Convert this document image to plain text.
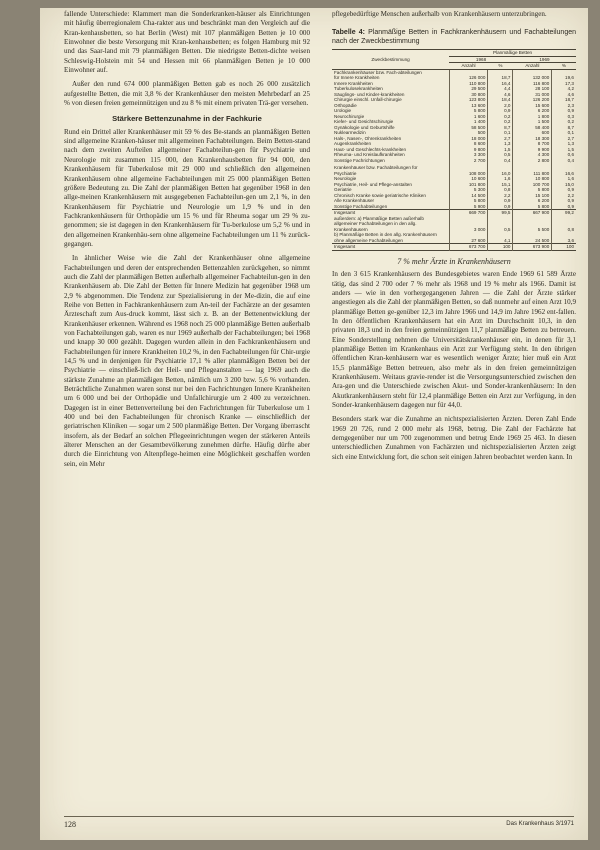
fallende Unterschiede: Klammert man die Sonderkranken-häuser als Einrichtungen mit häufig überregionalem Cha-rakter aus und beschränkt man den Vergleich auf die Kran-kenhausbetten, so hat Berlin (West) mit 107 planmäßigen Betten je 10 000 Einwohner die beste Versorgung mit Kran-kenhausbetten; es folgen Hamburg mit 92 und das Saar-land mit 79 planmäßigen Betten. Die niedrigste Betten-dichte weisen Schleswig-Holstein mit 54 und Hessen mit 66 planmäßigen Betten je 10 000 Einwohner auf.

Außer den rund 674 000 planmäßigen Betten gab es noch 26 000 zusätzlich aufgestellte Betten, die mit 3,8 % der Krankenhäuser den meisten Mehrbedarf an 25 % von diesen freien gemeinnützigen und zu 8 % mit einem privaten Trä-ger versehen.

Stärkere Bettenzunahme in der Fachkurie

Rund ein Drittel aller Krankenhäuser mit 59 % des Be-stands an planmäßigen Betten sind allgemeine Kranken-häuser mit allgemeinen Fachabteilungen. Beim Betten-stand nach dem zweiten Aufteilen allgemeiner Fachabteilun-gen für Psychiatrie und Neurologie mit zusammen 115 000, den Krankenhausbetten für 94 000, den Krankenhäusern für Tuberkulose mit 29 000 und schließlich den allgemeinen Krankenhäusern ohne allgemeine Fachabteilungen mit 25 000 planmäßigen Betten größere Bedeutung zu. Die Zahl der planmäßigen Betten hat gegenüber 1968 in den allge-meinen Krankenhäusern mit ausgegebenen Fachabteilun-gen um 2,1 %, in den Krankenhäusern für Psychiatrie und Neurologie um 1,9 % und in den Fachkrankenhäusern für Orthopädie um 15 % und für Rheuma sogar um 29 % zu-genommen; sie ist dagegen in den Krankenhäusern für Tu-berkulose um 5,2 % und in den allgemeinen Krankenhäu-sern ohne allgemeine Fachabteilungen um 11 % zurück-gegangen.

In ähnlicher Weise wie die Zahl der Krankenhäuser ohne allgemeine Fachabteilungen und deren der entsprechenden Bettenzahlen zurückgehen, so nimmt auch die Zahl der planmäßigen Betten außerhalb allgemeiner Fachabteilun-gen in den Krankenhäusern ab. Die Zahl der Betten für Innere Medizin hat gegenüber 1968 um 2,9 % abgenommen. Die Tendenz zur Spezialisierung in der Me-dizin, die auf eine Reihe von Betten in Fachkrankenhäusern zum An-teil der Fachärzte an der gesamten Ärzteschaft zum Aus-druck kommt, lässt sich z. B. an der Bettenentwicklung der Krankenhäuser erkennen. Während es 1968 noch 25 000 planmäßige Betten außerhalb von Fachabteilungen gab, waren es nur 1969 außerhalb der Fachabteilungen; bei 1968 und knapp 30 000 gezählt. Dagegen wurden allein in den Fachkrankenhäusern und Fachabteilungen für innere Krankheiten 10,2 %, in den Fachabteilungen für Chir-urgie 14,5 % und in denjenigen für Psychiatrie 17,1 % aller planmäßigen Betten bei der Psychiatrie — einschließ-lich der Heil- und Pflegeanstalten — lag 1969 auch die stärkste Zunahme an planmäßigen Betten, nämlich um 3 200 bzw. 5,6 % vorhanden. Beträchtliche Zunahmen waren sonst nur bei den Fachrichtungen Innere Krankheiten um 6 000 und bei der Orthopädie und Unfallchirurgie um 2 400 zu verzeichnen. Dagegen ist in einer Bettenverteilung bei den Fachrichtungen für Tuberkulose um 1 400 und bei den Fachabteilungen für chronisch Kranke — einschließlich der geriatrischen Kliniken — sogar um 2 500 planmäßige Betten. Der Vorgang überrascht insofern, als der Bedarf an solchen Pflegeeinrichtungen wegen der stärkeren Anteils älterer Menschen an der Gesamtbevölkerung zunehmen dürfte. Häufig dürfte aber durch die Einrichtung von Altenpflege-heimen eine Möglichkeit geschaffen worden sein, ein Mehr

pflegebedürftige Menschen außerhalb von Krankenhäusern unterzubringen.

Tabelle 4: Planmäßige Betten in Fachkrankenhäusern und Fachabteilungen nach der Zweckbestimmung
Zweckbestimmung	Planmäßige Betten			
	1968		1969	
	Anzahl	%	Anzahl	%
Fachkrankenhäuser bzw. Fach-abteilungen				
für Innere Krankheiten	126 000	18,7	132 000	19,6
Innere Krankheiten	110 800	16,4	116 800	17,3
Tuberkulosekrankheiten	29 500	4,4	28 100	4,2
Säuglings- und Kinder-krankheiten	30 800	4,6	31 000	4,6
Chirurgie einschl. Unfall-chirurgie	123 800	18,4	126 200	18,7
Orthopädie	13 600	2,0	15 600	2,3
Urologie	5 800	0,9	6 200	0,9
Neurochirurgie	1 600	0,2	1 800	0,3
Kiefer- und Gesichtschirurgie	1 400	0,2	1 500	0,2
Gynäkologie und Geburtshilfe	58 500	8,7	58 400	8,7
Nuklearmedizin	500	0,1	600	0,1
Hals-, Nasen-, Ohrenkrankheiten	18 000	2,7	18 300	2,7
Augenkrankheiten	8 600	1,3	8 700	1,3
Haut- und Geschlechts-krankheiten	9 800	1,5	9 900	1,5
Rheuma- und Kreislaufkrankheiten	3 300	0,5	4 300	0,6
Sonstige Fachrichtungen	2 700	0,4	2 800	0,4
Krankenhäuser bzw. Fachabteilungen für				
Psychiatrie	108 000	16,0	111 800	16,6
Neurologie	10 600	1,6	10 800	1,6
Psychiatrie, Heil- und Pflege-anstalten	101 800	15,1	100 700	15,0
Geriatrie	5 300	0,8	5 800	0,9
Chronisch Kranke sowie geriatrische Kliniken	14 500	2,2	15 100	2,2
Alle Krankenhäuser	5 800	0,9	6 200	0,9
Sonstige Fachabteilungen	5 900	0,9	5 800	0,9
Insgesamt	669 700	99,5	667 900	99,2
außerdem: a) Planmäßige Betten außerhalb allgemeiner Fachabteilungen in den allg. Krankenhäusern	3 000	0,5	5 500	0,8
b) Planmäßige Betten in den allg. Krankenhäusern ohne allgemeine Fachabteilungen	27 600	4,1	24 500	3,6
Insgesamt	673 700	100	673 900	100
7 % mehr Ärzte in Krankenhäusern

In den 3 615 Krankenhäusern des Bundesgebietes waren Ende 1969 61 589 Ärzte tätig, das sind 2 700 oder 7 % mehr als 1968 und 19 % mehr als 1966. Damit ist anders — wie in den vorhergegangenen Jahren — die Zahl der Ärzte stärker angestiegen als die Zahl der planmäßigen Betten, so daß nunmehr auf einen Arzt 10,9 planmäßige Betten ge-genüber 12,3 im Jahre 1966 und 14,9 im Jahre 1962 ent-fallen. In den öffentlichen Krankenhäusern hat ein Arzt im Durchschnitt 10,3, in den privaten 18,3 und in den freien gemeinnützigen 11,7 planmäßige Betten zu betreuen. Eine Sonderstellung nehmen die Universitätskrankenhäuser ein, in denen für 3,1 planmäßige Betten im Krankenhaus ein Arzt zur Verfügung steht. In den übrigen öffentlichen Kran-kenhäusern war es wesentlich weniger Ärzte; hier muß ein Arzt 15,5 planmäßige Betten betreuen, also mehr als in den freien gemeinnützigen Krankenhäusern. Weitaus gravie-render ist die Versorgungsunterschied zwischen den Ara-gen und die Unterschiede zwischen Akut- und Sonder-krankenhäusern: In den Akutkrankenhäusern steht für 12,4 planmäßige Betten ein Arzt zur Verfügung, in den Sonder-krankenhäusern dagegen nur für 44,0.

Besonders stark war die Zunahme an nichtspezialisierten Ärzten. Deren Zahl Ende 1969 20 726, rund 2 000 mehr als 1968, betrug. Die Zahl der Fachärzte hat demgegenüber nur um 700 zugenommen und betrug Ende 1969 25 463. In diesen unterschiedlichen Zunahmen von Fachärzten und nichtspezialisierten Ärzten zeigt sich eine Entwicklung fort, die schon seit einigen Jahren beobachtet werden kann. In

128	Das Krankenhaus 3/1971
